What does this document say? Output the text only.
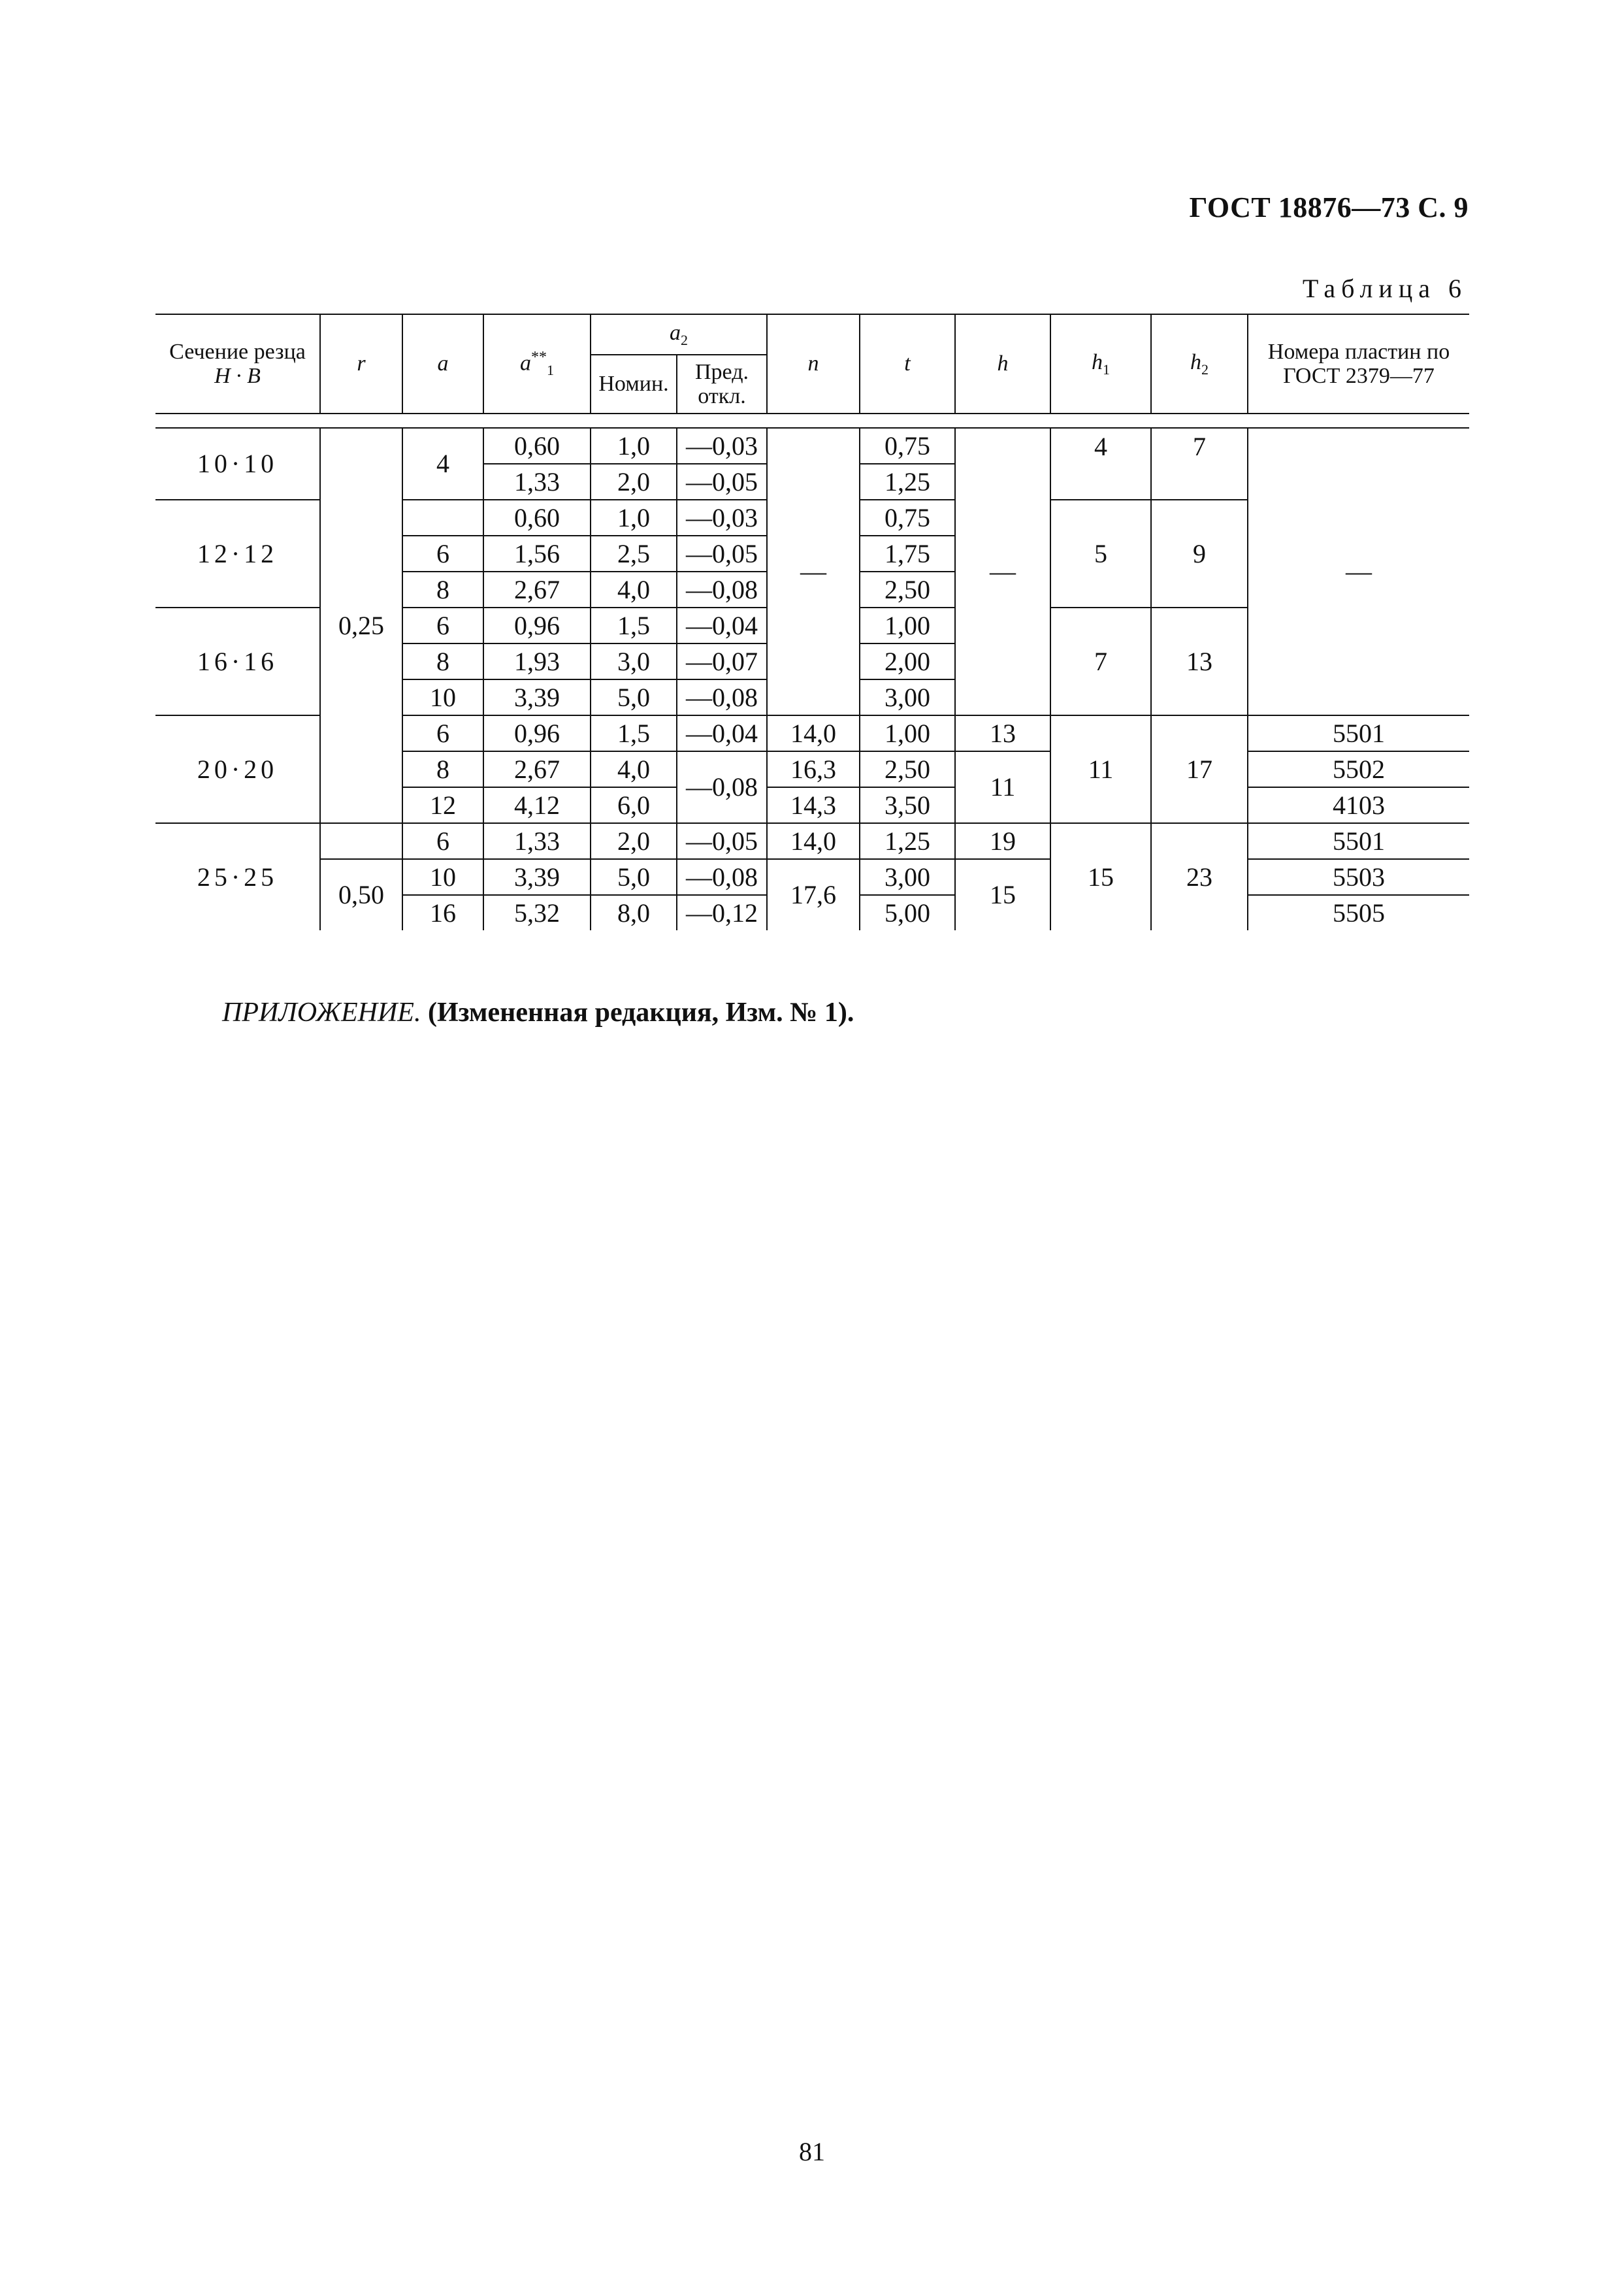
ГОСТ 18876—73 С. 9
Таблица 6
Сечение резца
H · B	r	a	$a^{**}_1$	$a_2$		n	t	h	$h_1$	$h_2$	Номера пластин по ГОСТ 2379—77
				Номин.	Пред. откл.						

10·10	0,25	4	0,60	1,0	—0,03	—	0,75	—	4	7	—
			1,33	2,0	—0,05		1,25				
12·12			0,60	1,0	—0,03		0,75		5	9	
		6	1,56	2,5	—0,05		1,75				
		8	2,67	4,0	—0,08		2,50				
16·16		6	0,96	1,5	—0,04		1,00		7	13	
		8	1,93	3,0	—0,07		2,00				
		10	3,39	5,0	—0,08		3,00				
20·20		6	0,96	1,5	—0,04	14,0	1,00	13	11	17	5501
		8	2,67	4,0	—0,08	16,3	2,50	11			5502
		12	4,12	6,0		14,3	3,50				4103
25·25		6	1,33	2,0	—0,05	14,0	1,25	19	15	23	5501
	0,50	10	3,39	5,0	—0,08	17,6	3,00	15			5503
		16	5,32	8,0	—0,12		5,00				5505
ПРИЛОЖЕНИЕ. (Измененная редакция, Изм. № 1).
81
